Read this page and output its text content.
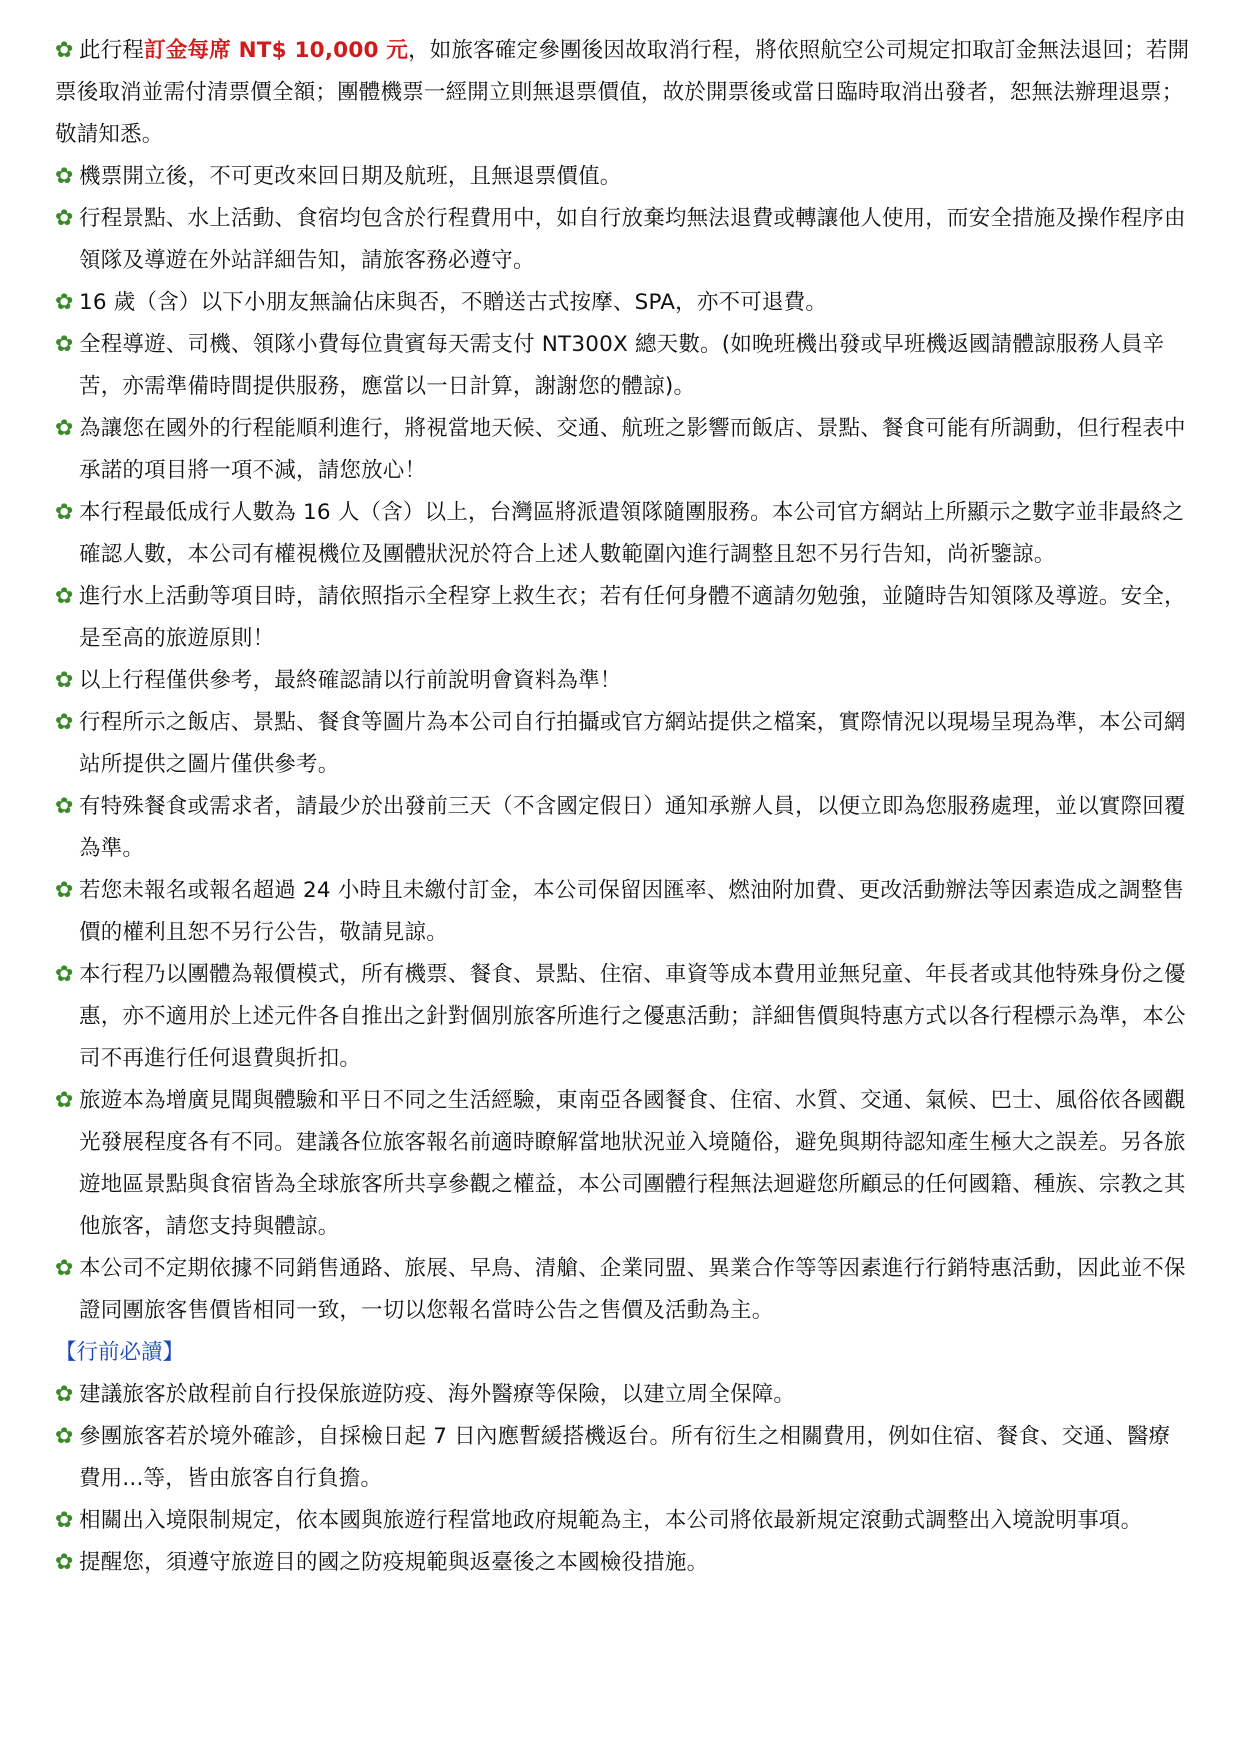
✿ 此行程訂金每席 NT$ 10,000 元，如旅客確定參團後因故取消行程，將依照航空公司規定扣取訂金無法退回；若開票後取消並需付清票價全額；團體機票一經開立則無退票價值，故於開票後或當日臨時取消出發者，恕無法辦理退票；敬請知悉。

✿ 機票開立後，不可更改來回日期及航班，且無退票價值。

✿ 行程景點、水上活動、食宿均包含於行程費用中，如自行放棄均無法退費或轉讓他人使用，而安全措施及操作程序由領隊及導遊在外站詳細告知，請旅客務必遵守。

✿ 16 歲（含）以下小朋友無論佔床與否，不贈送古式按摩、SPA，亦不可退費。

✿ 全程導遊、司機、領隊小費每位貴賓每天需支付 NT300X 總天數。(如晚班機出發或早班機返國請體諒服務人員辛苦，亦需準備時間提供服務，應當以一日計算，謝謝您的體諒)。

✿ 為讓您在國外的行程能順利進行，將視當地天候、交通、航班之影響而飯店、景點、餐食可能有所調動，但行程表中承諾的項目將一項不減，請您放心！

✿ 本行程最低成行人數為 16 人（含）以上，台灣區將派遣領隊隨團服務。本公司官方網站上所顯示之數字並非最終之確認人數，本公司有權視機位及團體狀況於符合上述人數範圍內進行調整且恕不另行告知，尚祈鑒諒。

✿ 進行水上活動等項目時，請依照指示全程穿上救生衣；若有任何身體不適請勿勉強，並隨時告知領隊及導遊。安全，是至高的旅遊原則！

✿ 以上行程僅供參考，最終確認請以行前說明會資料為準！

✿ 行程所示之飯店、景點、餐食等圖片為本公司自行拍攝或官方網站提供之檔案，實際情況以現場呈現為準，本公司網站所提供之圖片僅供參考。

✿ 有特殊餐食或需求者，請最少於出發前三天（不含國定假日）通知承辦人員，以便立即為您服務處理，並以實際回覆為準。

✿ 若您未報名或報名超過 24 小時且未繳付訂金，本公司保留因匯率、燃油附加費、更改活動辦法等因素造成之調整售價的權利且恕不另行公告，敬請見諒。

✿ 本行程乃以團體為報價模式，所有機票、餐食、景點、住宿、車資等成本費用並無兒童、年長者或其他特殊身份之優惠，亦不適用於上述元件各自推出之針對個別旅客所進行之優惠活動；詳細售價與特惠方式以各行程標示為準，本公司不再進行任何退費與折扣。

✿ 旅遊本為增廣見聞與體驗和平日不同之生活經驗，東南亞各國餐食、住宿、水質、交通、氣候、巴士、風俗依各國觀光發展程度各有不同。建議各位旅客報名前適時瞭解當地狀況並入境隨俗，避免與期待認知產生極大之誤差。另各旅遊地區景點與食宿皆為全球旅客所共享參觀之權益，本公司團體行程無法迴避您所顧忌的任何國籍、種族、宗教之其他旅客，請您支持與體諒。

✿ 本公司不定期依據不同銷售通路、旅展、早鳥、清艙、企業同盟、異業合作等等因素進行行銷特惠活動，因此並不保證同團旅客售價皆相同一致，一切以您報名當時公告之售價及活動為主。

【行前必讀】

✿ 建議旅客於啟程前自行投保旅遊防疫、海外醫療等保險，以建立周全保障。

✿ 參團旅客若於境外確診，自採檢日起 7 日內應暫緩搭機返台。所有衍生之相關費用，例如住宿、餐食、交通、醫療費用...等，皆由旅客自行負擔。

✿ 相關出入境限制規定，依本國與旅遊行程當地政府規範為主，本公司將依最新規定滾動式調整出入境說明事項。

✿ 提醒您，須遵守旅遊目的國之防疫規範與返臺後之本國檢役措施。
